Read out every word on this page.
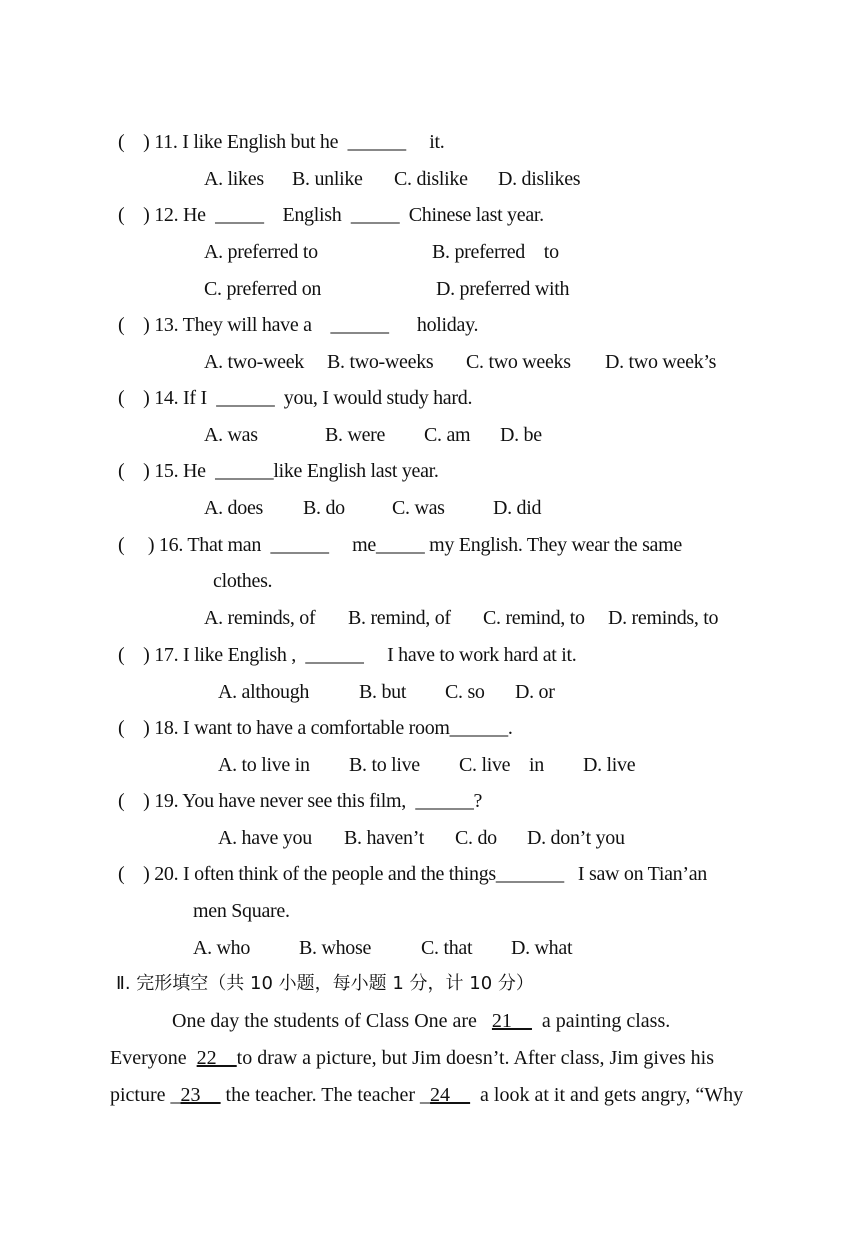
(    ) 11. I like English but he  ______     it.
A. likes B. unlike C. dislike D. dislikes
(    ) 12. He  _____    English  _____  Chinese last year.
A. preferred to	B. preferred    to
C. preferred on	D. preferred with
(    ) 13. They will have a    ______      holiday.
A. two-week B. two-weeks C. two weeks D. two week’s
(    ) 14. If I  ______  you, I would study hard.
A. was	B. were C. am D. be
(    ) 15. He  ______like English last year.
A. does B. do C. was D. did
(     ) 16. That man  ______     me_____ my English. They wear the same
clothes.
A. reminds, of B. remind, of C. remind, to D. reminds, to
(    ) 17. I like English ,  ______     I have to work hard at it.
A. although B. but C. so D. or
(    ) 18. I want to have a comfortable room______.
A. to live in B. to live C. live    in D. live
(    ) 19. You have never see this film,  ______?
A. have you B. haven’t C. do D. don’t you
(    ) 20. I often think of the people and the things_______   I saw on Tian’an
men Square.
A. who B. whose C. that D. what
Ⅱ. 完形填空（共 10 小题，每小题 1 分，计 10 分）
One day the students of Class One are   21__  a painting class.
Everyone  22__to draw a picture, but Jim doesn’t. After class, Jim gives his
picture _23__ the teacher. The teacher _24__  a look at it and gets angry, “Why
